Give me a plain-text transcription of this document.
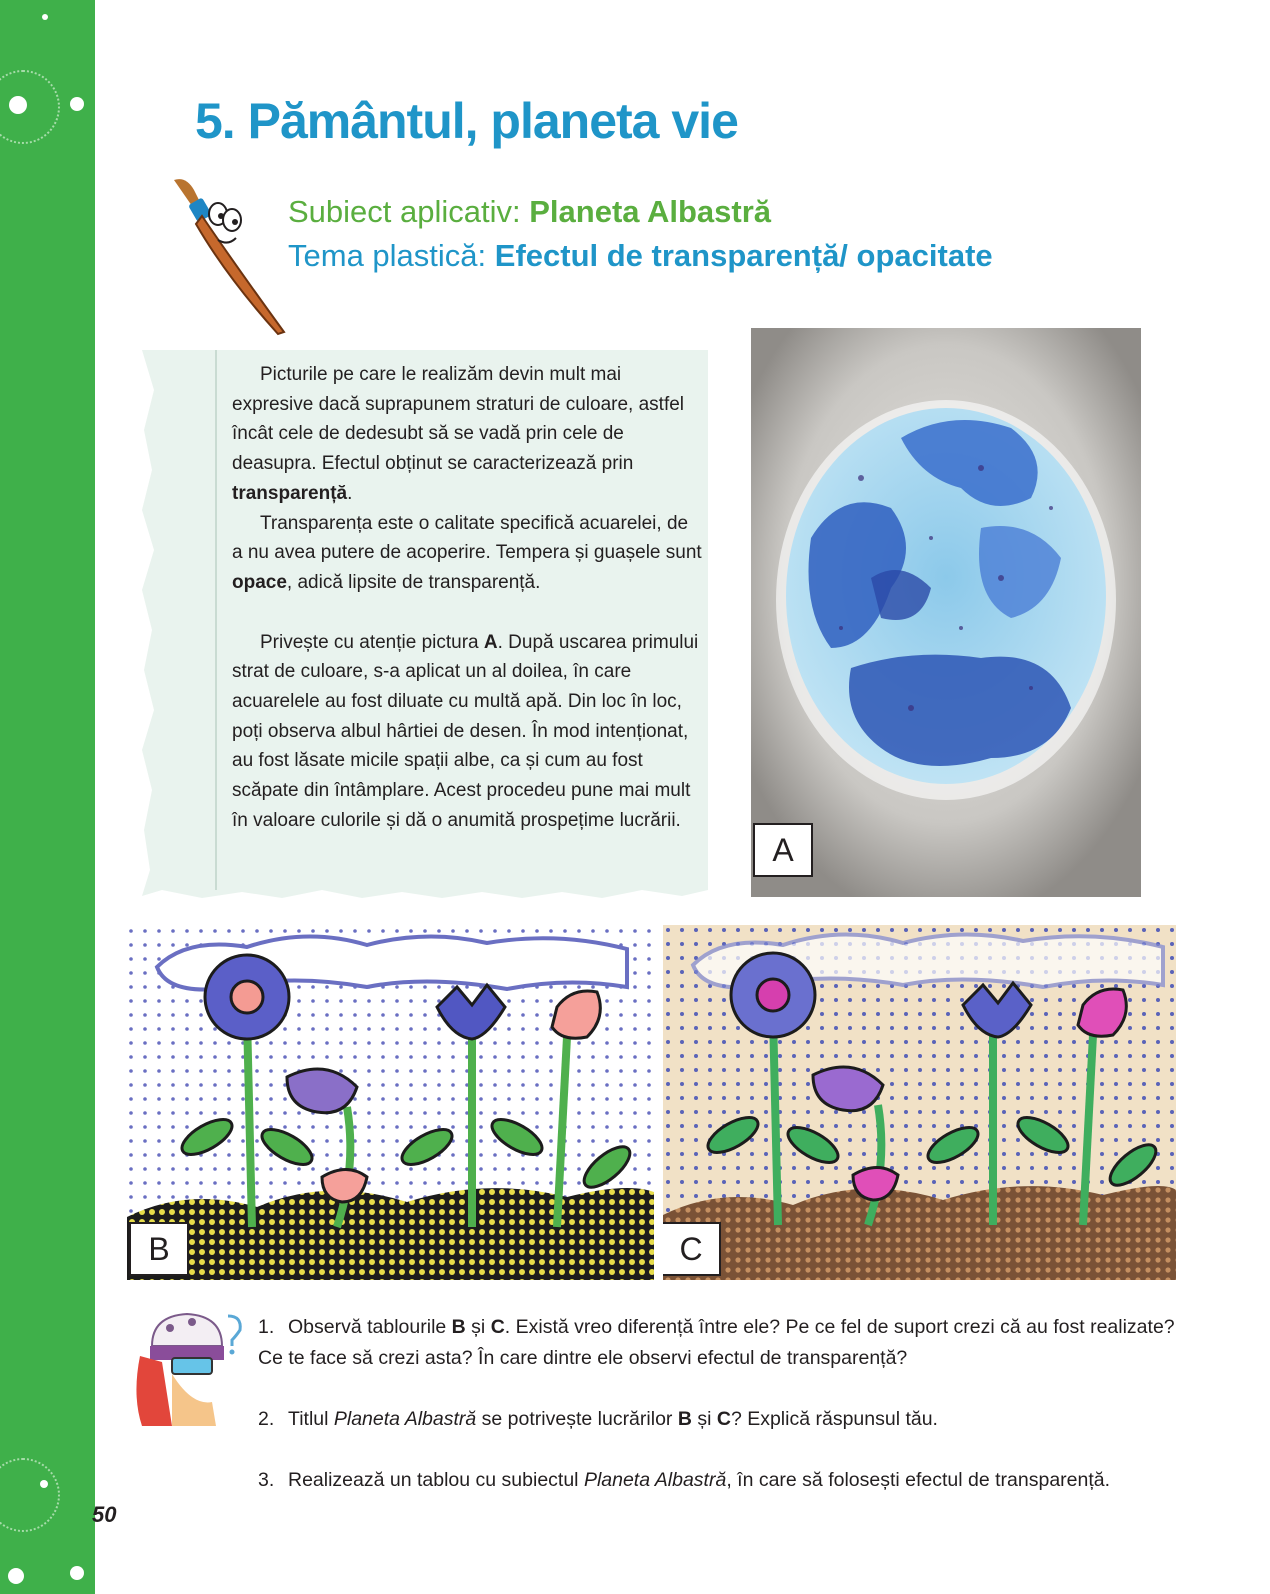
5. Pământul, planeta vie
Subiect aplicativ: Planeta Albastră
Tema plastică: Efectul de transparență/ opacitate

Picturile pe care le realizăm devin mult mai expresive dacă suprapunem straturi de culoare, astfel încât cele de dedesubt să se vadă prin cele de deasupra. Efectul obținut se caracterizează prin transparență.

Transparența este o calitate specifică acuarelei, de a nu avea putere de acoperire. Tempera și guașele sunt opace, adică lipsite de transparență.

Privește cu atenție pictura A. După uscarea primului strat de culoare, s-a aplicat un al doilea, în care acuarelele au fost diluate cu multă apă. Din loc în loc, poți observa albul hârtiei de desen. În mod intenționat, au fost lăsate micile spații albe, ca și cum au fost scăpate din întâmplare. Acest procedeu pune mai mult în valoare culorile și dă o anumită prospețime lucrării.

A
B	C

1. Observă tablourile B și C. Există vreo diferență între ele? Pe ce fel de suport crezi că au fost realizate? Ce te face să crezi asta? În care dintre ele observi efectul de transparență?

2. Titlul Planeta Albastră se potrivește lucrărilor B și C? Explică răspunsul tău.

3. Realizează un tablou cu subiectul Planeta Albastră, în care să folosești efectul de transparență.

50
